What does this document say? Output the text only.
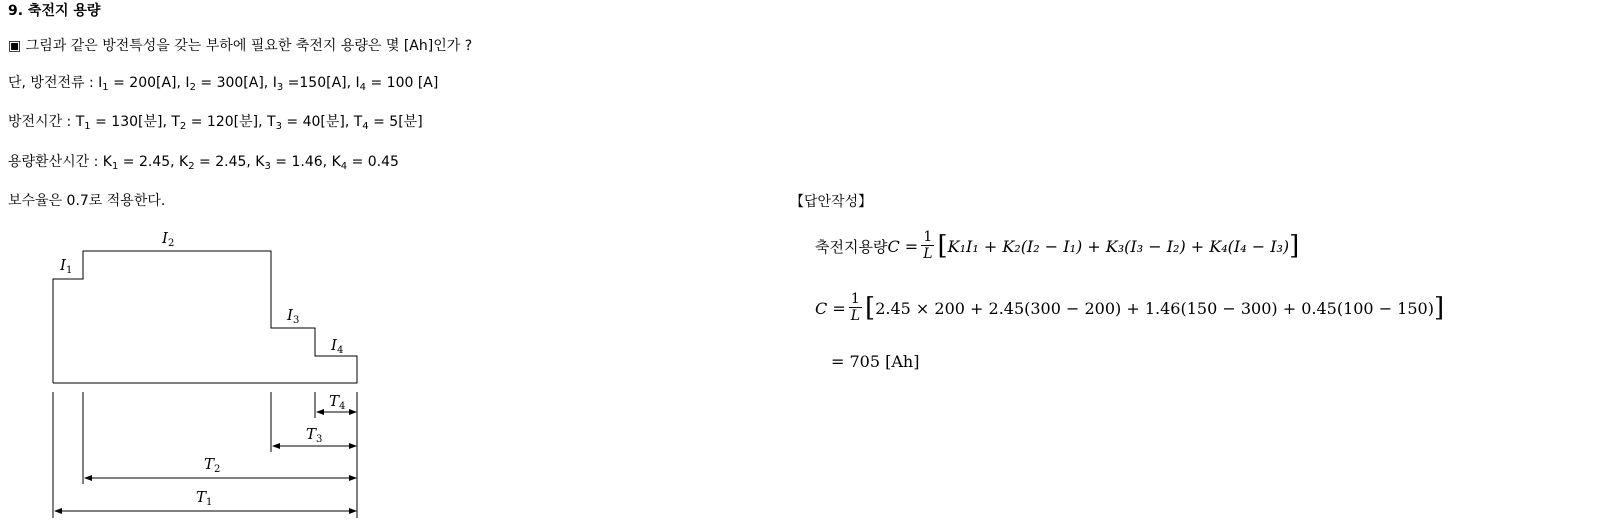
9. 축전지 용량
▣ 그림과 같은 방전특성을 갖는 부하에 필요한 축전지 용량은 몇 [Ah]인가 ?
단, 방전전류 : $I_1 = 200[A]$, $I_2 = 300[A]$, $I_3 =150[A]$, $I_4 = 100$ [A]
방전시간 : $T_1 = 130$[분], $T_2 = 120$[분], $T_3 = 40$[분], $T_4 = 5$[분]
용량환산시간 : $K_1 = 2.45$, $K_2 = 2.45$, $K_3 = 1.46$, $K_4 = 0.45$
보수율은 0.7로 적용한다.
$I_1$
$I_2$
$I_3$
$I_4$
$T_4$
$T_3$
$T_2$
$T_1$
【답안작성】
축전지용량 $C = \frac{1}{L}$ [ K₁I₁ + K₂(I₂ − I₁) + K₃(I₃ − I₂) + K₄(I₄ − I₃) ]
$C = \frac{1}{L}$ [ 2.45 × 200 + 2.45(300 − 200) + 1.46(150 − 300) + 0.45(100 − 150) ]
= 705 [Ah]
